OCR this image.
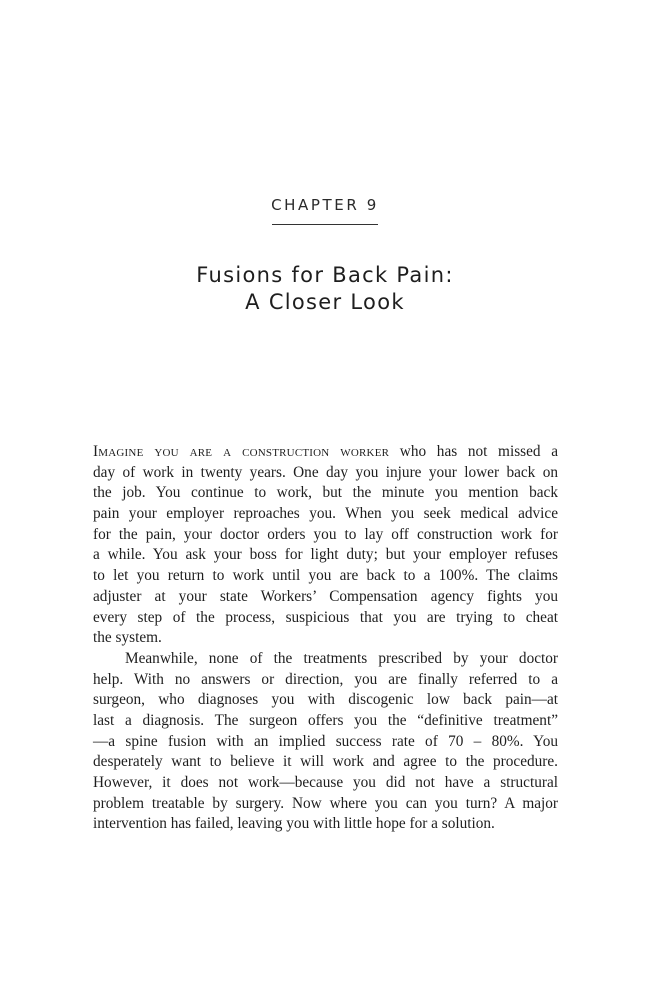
CHAPTER 9
Fusions for Back Pain:
A Closer Look
Imagine you are a construction worker who has not missed a
day of work in twenty years. One day you injure your lower back on
the job. You continue to work, but the minute you mention back
pain your employer reproaches you. When you seek medical advice
for the pain, your doctor orders you to lay off construction work for
a while. You ask your boss for light duty; but your employer refuses
to let you return to work until you are back to a 100%. The claims
adjuster at your state Workers’ Compensation agency fights you
every step of the process, suspicious that you are trying to cheat
the system.
Meanwhile, none of the treatments prescribed by your doctor
help. With no answers or direction, you are finally referred to a
surgeon, who diagnoses you with discogenic low back pain—at
last a diagnosis. The surgeon offers you the “definitive treatment”
—a spine fusion with an implied success rate of 70 – 80%. You
desperately want to believe it will work and agree to the procedure.
However, it does not work—because you did not have a structural
problem treatable by surgery. Now where you can you turn? A major
intervention has failed, leaving you with little hope for a solution.
